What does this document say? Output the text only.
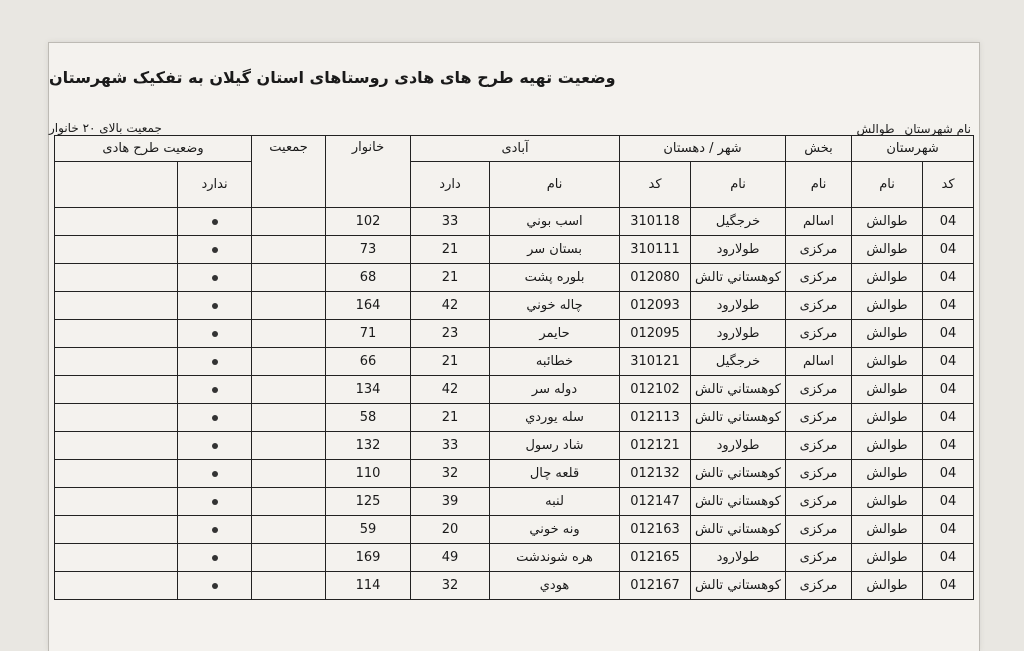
وضعیت تهیه طرح های هادی روستاهای استان گیلان به تفکیک شهرستان
جمعیت بالای ۲۰ خانوار	نام شهرستان طوالش
شهرستان		بخش	شهر / دهستان		آبادی		خانوار	جمعیت	وضعیت طرح هادی	
کد	نام	نام	نام	کد	نام	دارد			ندارد		
04	طوالش	اسالم	خرجگیل	310118	اسب بوني	33	102				
04	طوالش	مرکزی	طولارود	310111	بستان سر	21	73				
04	طوالش	مرکزی	کوهستاني تالش	012080	بلوره پشت	21	68				
04	طوالش	مرکزی	طولارود	012093	چاله خوني	42	164				
04	طوالش	مرکزی	طولارود	012095	حايمر	23	71				
04	طوالش	اسالم	خرجگیل	310121	خطائبه	21	66				
04	طوالش	مرکزی	کوهستاني تالش	012102	دوله سر	42	134				
04	طوالش	مرکزی	کوهستاني تالش	012113	سله يوردي	21	58				
04	طوالش	مرکزی	طولارود	012121	شاد رسول	33	132				
04	طوالش	مرکزی	کوهستاني تالش	012132	قلعه چال	32	110				
04	طوالش	مرکزی	کوهستاني تالش	012147	لنبه	39	125				
04	طوالش	مرکزی	کوهستاني تالش	012163	ونه خوني	20	59				
04	طوالش	مرکزی	طولارود	012165	هره شوندشت	49	169				
04	طوالش	مرکزی	کوهستاني تالش	012167	هودي	32	114				
